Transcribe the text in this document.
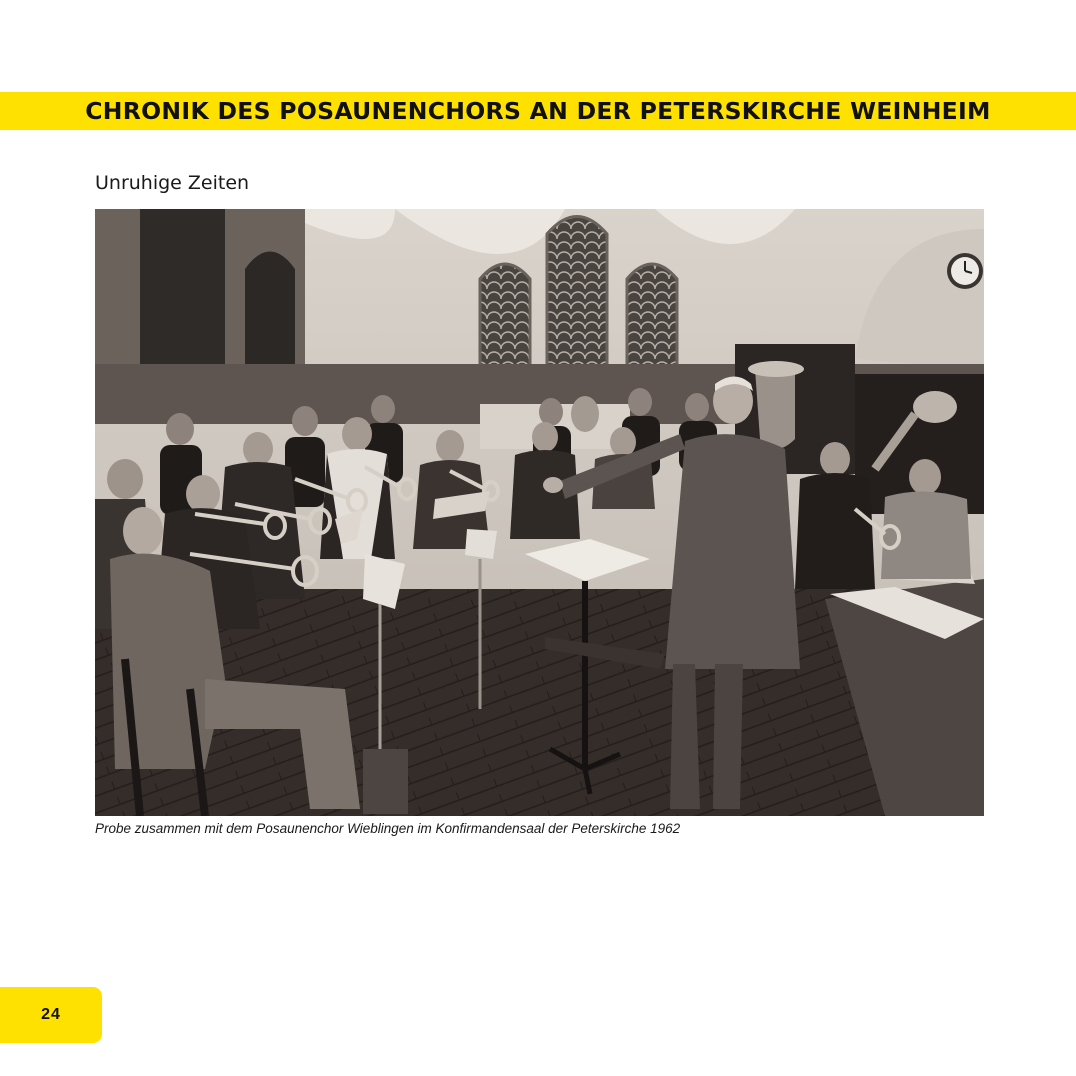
CHRONIK DES POSAUNENCHORS AN DER PETERSKIRCHE WEINHEIM
Unruhige Zeiten
Probe zusammen mit dem Posaunenchor Wieblingen im Konfirmandensaal der Peterskirche 1962
24
